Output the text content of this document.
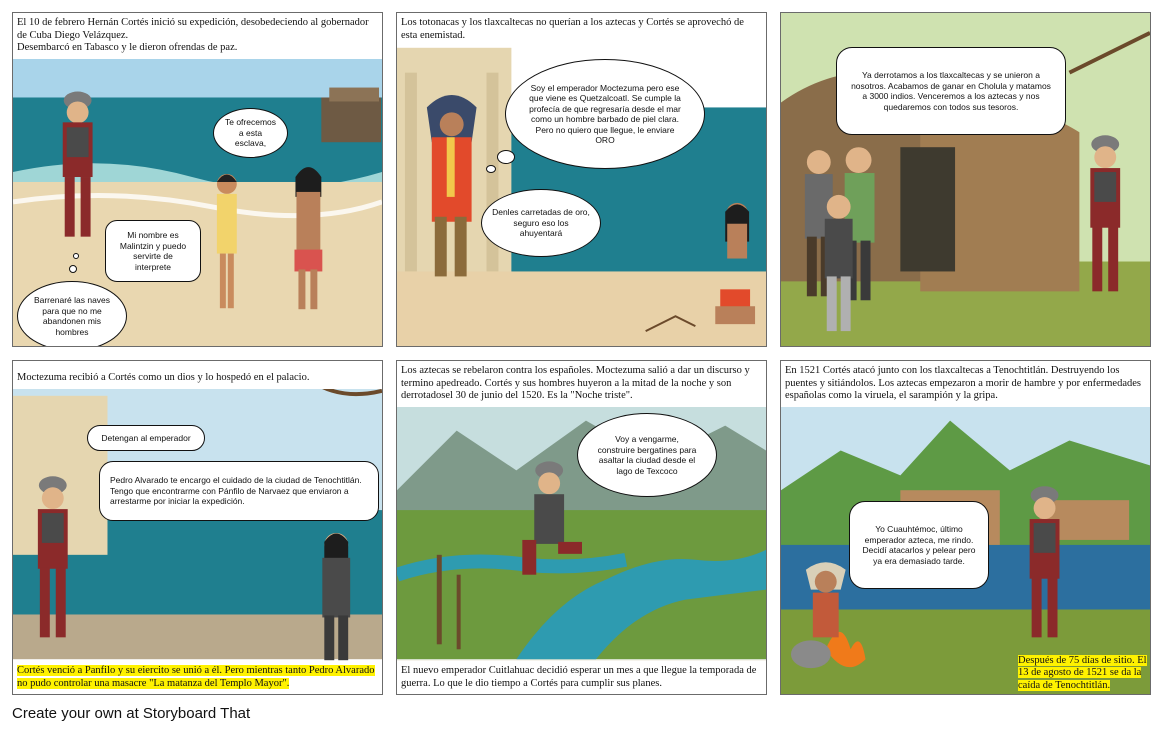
El 10 de febrero Hernán Cortés inició su expedición, desobedeciendo al gobernador de Cuba Diego Velázquez.
Desembarcó en Tabasco y le dieron ofrendas de paz.
Te ofrecemos a esta esclava,
Mi nombre es Malintzin y puedo servirte de interprete
Barrenaré las naves para que no me abandonen mis hombres
Los totonacas y los tlaxcaltecas no querían a los aztecas y Cortés se aprovechó de esta enemistad.
Soy el emperador Moctezuma pero ese que viene es Quetzalcoatl. Se cumple la profecía de que regresaría desde el mar como un hombre barbado de piel clara. Pero no quiero que llegue, le enviare ORO
Denles carretadas de oro, seguro eso los ahuyentará
Ya derrotamos a los tlaxcaltecas y se unieron a nosotros. Acabamos de ganar en Cholula y matamos a 3000 indios. Venceremos a los aztecas y nos quedaremos con todos sus tesoros.
Moctezuma recibió a Cortés como un dios y lo hospedó en el palacio.
Detengan al emperador
Pedro Alvarado te encargo el cuidado de la ciudad de Tenochtitlán. Tengo que encontrarme con Pánfilo de Narvaez que enviaron a arrestarme por iniciar la expedición.
Cortés venció a Panfilo y su eiercito se unió a él. Pero mientras tanto Pedro Alvarado no pudo controlar una masacre "La matanza del Templo Mayor".
Los aztecas se rebelaron contra los españoles. Moctezuma salió a dar un discurso y termino apedreado. Cortés y sus hombres huyeron a la mitad de la noche y son derrotadosel 30 de junio del 1520. Es la "Noche triste".
Voy a vengarme, construire bergatines para asaltar la ciudad desde el lago de Texcoco
El nuevo emperador Cuitlahuac decidió esperar un mes a que llegue la temporada de guerra. Lo que le dio tiempo a Cortés para cumplir sus planes.
En 1521 Cortés atacó junto con los tlaxcaltecas a Tenochtitlán. Destruyendo los puentes y sitiándolos. Los aztecas empezaron a morir de hambre y por enfermedades españolas como la viruela, el sarampión y la gripa.
Yo Cuauhtémoc, último emperador azteca, me rindo. Decidí atacarlos y pelear pero ya era demasiado tarde.
Después de 75 días de sitio. El 13 de agosto de 1521 se da la caída de Tenochtitlán.
Create your own at Storyboard That
